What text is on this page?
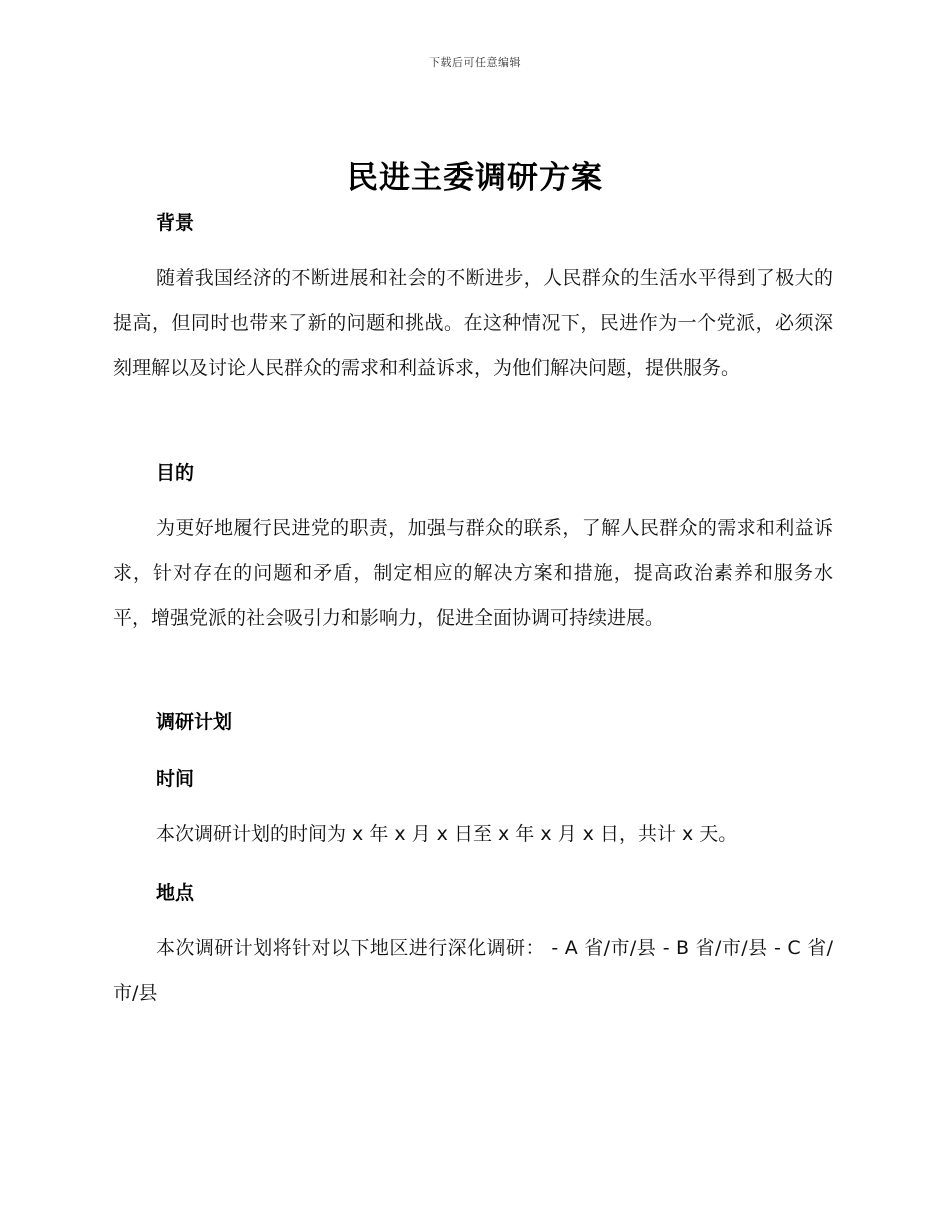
下载后可任意编辑
民进主委调研方案
背景

随着我国经济的不断进展和社会的不断进步，人民群众的生活水平得到了极大的提高，但同时也带来了新的问题和挑战。在这种情况下，民进作为一个党派，必须深刻理解以及讨论人民群众的需求和利益诉求，为他们解决问题，提供服务。

目的

为更好地履行民进党的职责，加强与群众的联系，了解人民群众的需求和利益诉求，针对存在的问题和矛盾，制定相应的解决方案和措施，提高政治素养和服务水平，增强党派的社会吸引力和影响力，促进全面协调可持续进展。

调研计划
时间

本次调研计划的时间为 x 年 x 月 x 日至 x 年 x 月 x 日，共计 x 天。

地点

本次调研计划将针对以下地区进行深化调研： - A 省/市/县 - B 省/市/县 - C 省/市/县
